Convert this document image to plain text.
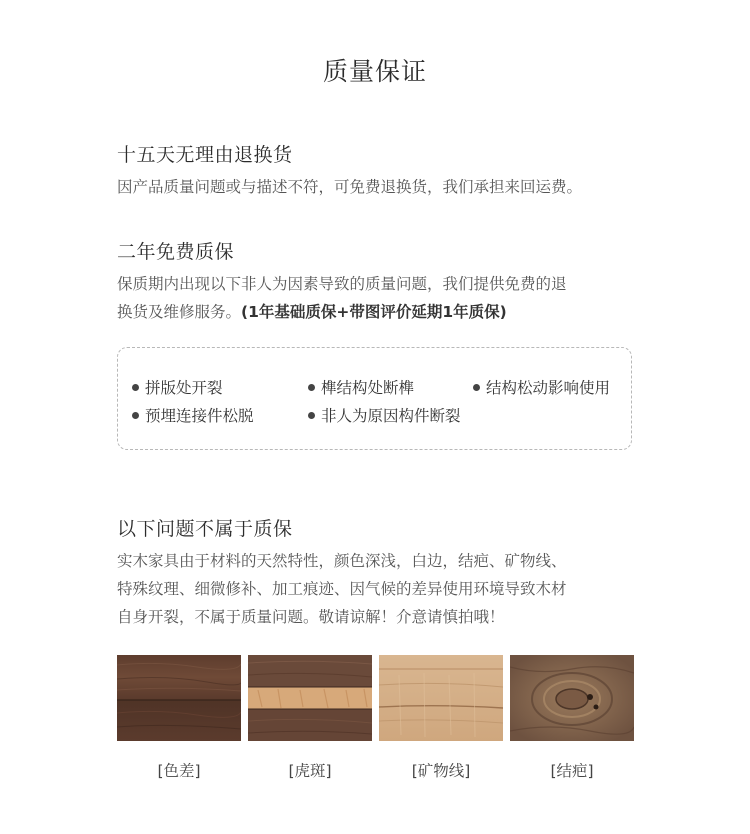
质量保证
十五天无理由退换货
因产品质量问题或与描述不符，可免费退换货，我们承担来回运费。
二年免费质保
保质期内出现以下非人为因素导致的质量问题，我们提供免费的退
换货及维修服务。(1年基础质保+带图评价延期1年质保)
拼版处开裂	榫结构处断榫	结构松动影响使用
预埋连接件松脱	非人为原因构件断裂
以下问题不属于质保
实木家具由于材料的天然特性，颜色深浅，白边，结疤、矿物线、
特殊纹理、细微修补、加工痕迹、因气候的差异使用环境导致木材
自身开裂，不属于质量问题。敬请谅解！介意请慎拍哦！
[色差]	[虎斑]	[矿物线]	[结疤]
